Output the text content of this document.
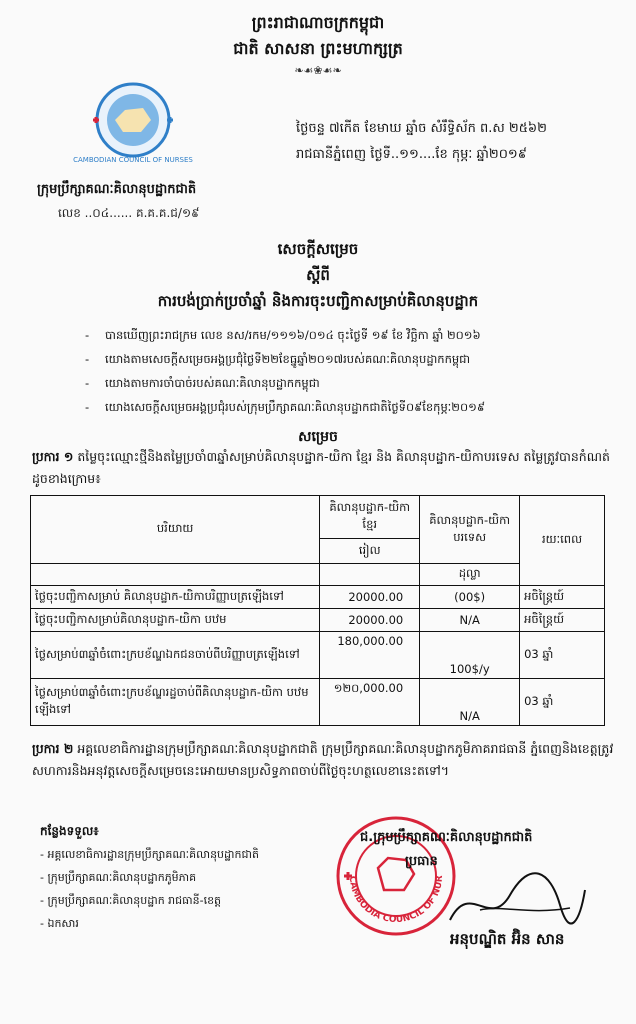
ព្រះរាជាណាចក្រកម្ពុជា
ជាតិ សាសនា ព្រះមហាក្សត្រ
❧☙❀☙❧
CAMBODIAN COUNCIL OF NURSES
ថ្ងៃចន្ទ ៧កើត ខែមាឃ ឆ្នាំច សំរឹទ្ធិស័ក ព.ស ២៥៦២
រាជធានីភ្នំពេញ ថ្ងៃទី..១១....ខែ កុម្ភៈ ឆ្នាំ២០១៩
ក្រុមប្រឹក្សាគណៈគិលានុបដ្ឋាកជាតិ
លេខ ..០៤...... គ.គ.គ.ជ/១៩
សេចក្តីសម្រេច
ស្តីពី
ការបង់ប្រាក់ប្រចាំឆ្នាំ និងការចុះបញ្ជិកាសម្រាប់គិលានុបដ្ឋាក
- បានឃើញព្រះរាជក្រម លេខ នស/រកម/១១១៦/០១៤ ចុះថ្ងៃទី ១៩ ខែ វិច្ឆិកា ឆ្នាំ ២០១៦
- យោងតាមសេចក្តីសម្រេចអង្គប្រជុំថ្ងៃទី២២ខែធ្នូឆ្នាំ២០១៧របស់គណៈគិលានុបដ្ឋាកកម្ពុជា
- យោងតាមការចាំបាច់របស់គណៈគិលានុបដ្ឋាកកម្ពុជា
- យោងសេចក្តីសម្រេចអង្គប្រជុំរបស់ក្រុមប្រឹក្សាគណៈគិលានុបដ្ឋាកជាតិថ្ងៃទី០៩ខែកុម្ភៈ២០១៩
សម្រេច
ប្រការ ១ តម្លៃចុះឈ្មោះថ្មីនិងតម្លៃប្រចាំ៣ឆ្នាំសម្រាប់គិលានុបដ្ឋាក-យិកា ខ្មែរ និង គិលានុបដ្ឋាក-យិកាបរទេស តម្លៃត្រូវបានកំណត់ដូចខាងក្រោម៖
បរិយាយ	គិលានុបដ្ឋាក-យិកា ខ្មែរ	គិលានុបដ្ឋាក-យិកា បរទេស	រយៈពេល
	រៀល		
		ដុល្លា	
ថ្លៃចុះបញ្ជិកាសម្រាប់ គិលានុបដ្ឋាក-យិកាបរិញ្ញាបត្រឡើងទៅ	20000.00	(00$)	អចិន្ត្រៃយ៍
ថ្លៃចុះបញ្ជិកាសម្រាប់គិលានុបដ្ឋាក-យិកា បឋម	20000.00	N/A	អចិន្ត្រៃយ៍
ថ្លៃសម្រាប់៣ឆ្នាំចំពោះក្របខ័ណ្ឌឯកជនចាប់ពីបរិញ្ញាបត្រឡើងទៅ	180,000.00	100$/y	03 ឆ្នាំ
ថ្លៃសម្រាប់៣ឆ្នាំចំពោះក្របខ័ណ្ឌរដ្ឋចាប់ពីគិលានុបដ្ឋាក-យិកា បឋមឡើងទៅ	១២០,000.00	N/A	03 ឆ្នាំ
ប្រការ ២ អគ្គលេខាធិការដ្ឋានក្រុមប្រឹក្សាគណៈគិលានុបដ្ឋាកជាតិ ក្រុមប្រឹក្សាគណៈគិលានុបដ្ឋាកភូមិភាគរាជធានី ភ្នំពេញនិងខេត្តត្រូវសហការនិងអនុវត្តសេចក្តីសម្រេចនេះអោយមានប្រសិទ្ធភាពចាប់ពីថ្ងៃចុះហត្ថលេខានេះតទៅ។
កន្លែងទទួល៖
- អគ្គលេខាធិការដ្ឋានក្រុមប្រឹក្សាគណៈគិលានុបដ្ឋាកជាតិ
- ក្រុមប្រឹក្សាគណៈគិលានុបដ្ឋាកភូមិភាគ
- ក្រុមប្រឹក្សាគណៈគិលានុបដ្ឋាក រាជធានី-ខេត្ត
- ឯកសារ
CAMBODIA COUNCIL OF NUR
ជ.ក្រុមប្រឹក្សាគណៈគិលានុបដ្ឋាកជាតិ
ប្រធាន
អនុបណ្ឌិត អ៊ិន សាន
